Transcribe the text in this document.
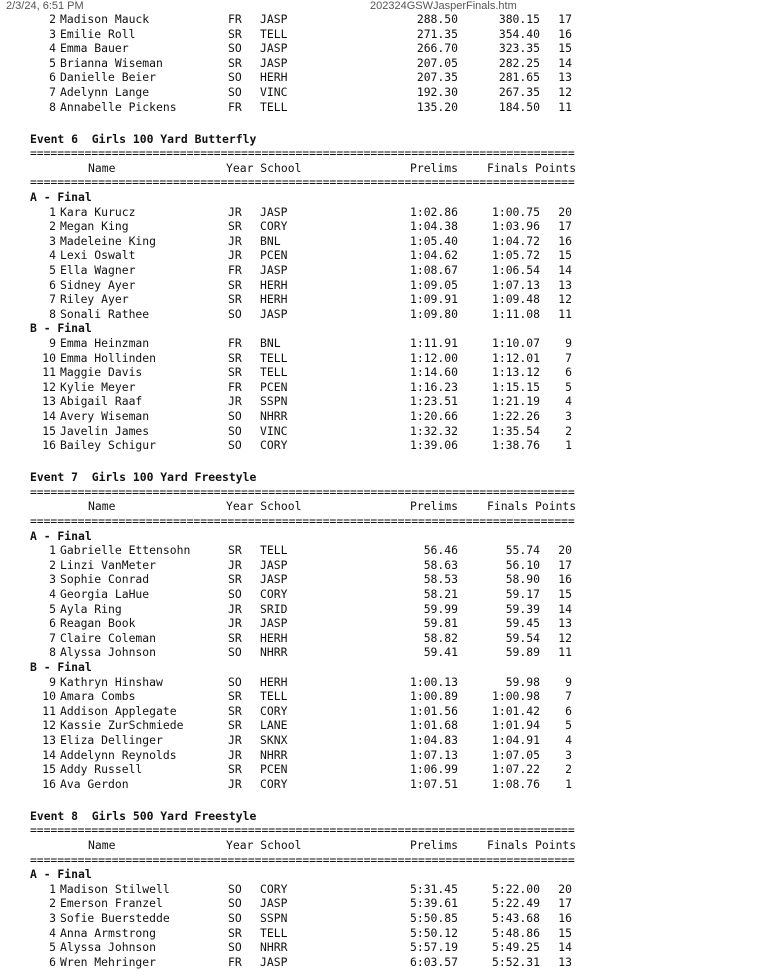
2/3/24, 6:51 PM	202324GSWJasperFinals.htm
2 Madison Mauck	FR JASP	288.50	380.15 17
3 Emilie Roll	SR TELL	271.35	354.40 16
4 Emma Bauer	SO JASP	266.70	323.35 15
5 Brianna Wiseman	SR JASP	207.05	282.25 14
6 Danielle Beier	SO HERH	207.35	281.65 13
7 Adelynn Lange	SO VINC	192.30	267.35 12
8 Annabelle Pickens	FR TELL	135.20	184.50 11
Event 6  Girls 100 Yard Butterfly
================================================================================
Name	Year School	Prelims	Finals Points
================================================================================
A - Final
1 Kara Kurucz	JR JASP	1:02.86	1:00.75 20
2 Megan King	SR CORY	1:04.38	1:03.96 17
3 Madeleine King	JR BNL	1:05.40	1:04.72 16
4 Lexi Oswalt	JR PCEN	1:04.62	1:05.72 15
5 Ella Wagner	FR JASP	1:08.67	1:06.54 14
6 Sidney Ayer	SR HERH	1:09.05	1:07.13 13
7 Riley Ayer	SR HERH	1:09.91	1:09.48 12
8 Sonali Rathee	SO JASP	1:09.80	1:11.08 11
B - Final
9 Emma Heinzman	FR BNL	1:11.91	1:10.07 9
10 Emma Hollinden	SR TELL	1:12.00	1:12.01 7
11 Maggie Davis	SR TELL	1:14.60	1:13.12 6
12 Kylie Meyer	FR PCEN	1:16.23	1:15.15 5
13 Abigail Raaf	JR SSPN	1:23.51	1:21.19 4
14 Avery Wiseman	SO NHRR	1:20.66	1:22.26 3
15 Javelin James	SO VINC	1:32.32	1:35.54 2
16 Bailey Schigur	SO CORY	1:39.06	1:38.76 1
Event 7  Girls 100 Yard Freestyle
================================================================================
Name	Year School	Prelims	Finals Points
================================================================================
A - Final
1 Gabrielle Ettensohn	SR TELL	56.46	55.74 20
2 Linzi VanMeter	JR JASP	58.63	56.10 17
3 Sophie Conrad	SR JASP	58.53	58.90 16
4 Georgia LaHue	SO CORY	58.21	59.17 15
5 Ayla Ring	JR SRID	59.99	59.39 14
6 Reagan Book	JR JASP	59.81	59.45 13
7 Claire Coleman	SR HERH	58.82	59.54 12
8 Alyssa Johnson	SO NHRR	59.41	59.89 11
B - Final
9 Kathryn Hinshaw	SO HERH	1:00.13	59.98 9
10 Amara Combs	SR TELL	1:00.89	1:00.98 7
11 Addison Applegate	SR CORY	1:01.56	1:01.42 6
12 Kassie ZurSchmiede	SR LANE	1:01.68	1:01.94 5
13 Eliza Dellinger	JR SKNX	1:04.83	1:04.91 4
14 Addelynn Reynolds	JR NHRR	1:07.13	1:07.05 3
15 Addy Russell	SR PCEN	1:06.99	1:07.22 2
16 Ava Gerdon	JR CORY	1:07.51	1:08.76 1
Event 8  Girls 500 Yard Freestyle
================================================================================
Name	Year School	Prelims	Finals Points
================================================================================
A - Final
1 Madison Stilwell	SO CORY	5:31.45	5:22.00 20
2 Emerson Franzel	SO JASP	5:39.61	5:22.49 17
3 Sofie Buerstedde	SO SSPN	5:50.85	5:43.68 16
4 Anna Armstrong	SR TELL	5:50.12	5:48.86 15
5 Alyssa Johnson	SO NHRR	5:57.19	5:49.25 14
6 Wren Mehringer	FR JASP	6:03.57	5:52.31 13
